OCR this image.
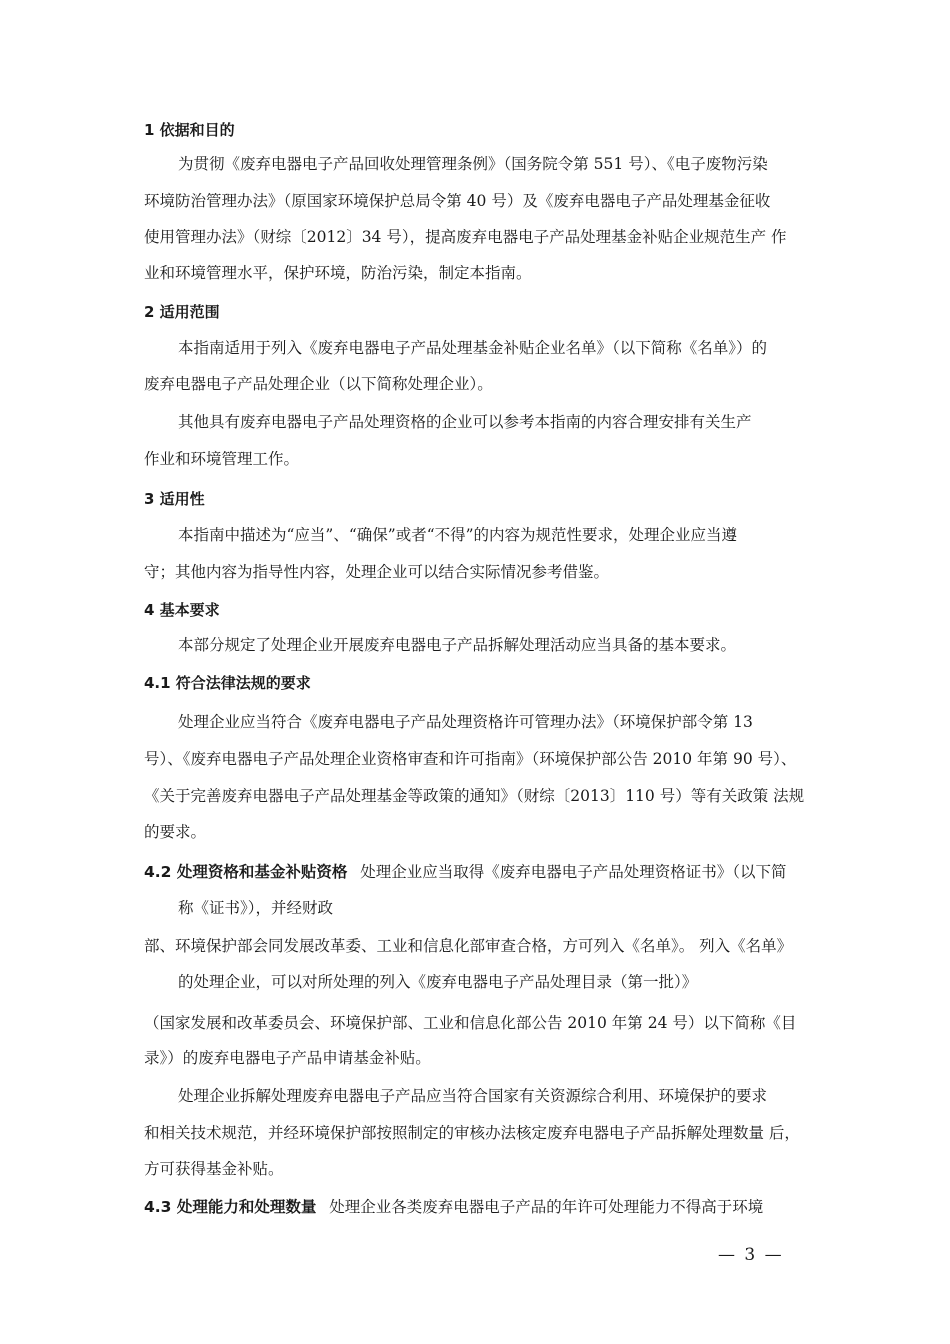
1 依据和目的
为贯彻《废弃电器电子产品回收处理管理条例》（国务院令第 551 号）、《电子废物污染
环境防治管理办法》（原国家环境保护总局令第 40 号）及《废弃电器电子产品处理基金征收
使用管理办法》（财综〔2012〕34 号），提高废弃电器电子产品处理基金补贴企业规范生产 作
业和环境管理水平，保护环境，防治污染，制定本指南。
2 适用范围
本指南适用于列入《废弃电器电子产品处理基金补贴企业名单》（以下简称《名单》）的
废弃电器电子产品处理企业（以下简称处理企业）。
其他具有废弃电器电子产品处理资格的企业可以参考本指南的内容合理安排有关生产
作业和环境管理工作。
3 适用性
本指南中描述为“应当”、“确保”或者“不得”的内容为规范性要求，处理企业应当遵
守；其他内容为指导性内容，处理企业可以结合实际情况参考借鉴。
4 基本要求
本部分规定了处理企业开展废弃电器电子产品拆解处理活动应当具备的基本要求。
4.1 符合法律法规的要求
处理企业应当符合《废弃电器电子产品处理资格许可管理办法》（环境保护部令第 13
号）、《废弃电器电子产品处理企业资格审查和许可指南》（环境保护部公告 2010 年第 90 号）、
《关于完善废弃电器电子产品处理基金等政策的通知》（财综〔2013〕110 号）等有关政策 法规
的要求。
4.2 处理资格和基金补贴资格 处理企业应当取得《废弃电器电子产品处理资格证书》（以下简
称《证书》），并经财政
部、环境保护部会同发展改革委、工业和信息化部审查合格，方可列入《名单》。 列入《名单》
的处理企业，可以对所处理的列入《废弃电器电子产品处理目录（第一批）》
（国家发展和改革委员会、环境保护部、工业和信息化部公告 2010 年第 24 号）以下简称《目
录》）的废弃电器电子产品申请基金补贴。
处理企业拆解处理废弃电器电子产品应当符合国家有关资源综合利用、环境保护的要求
和相关技术规范，并经环境保护部按照制定的审核办法核定废弃电器电子产品拆解处理数量 后，
方可获得基金补贴。
4.3 处理能力和处理数量 处理企业各类废弃电器电子产品的年许可处理能力不得高于环境
— 3 —
